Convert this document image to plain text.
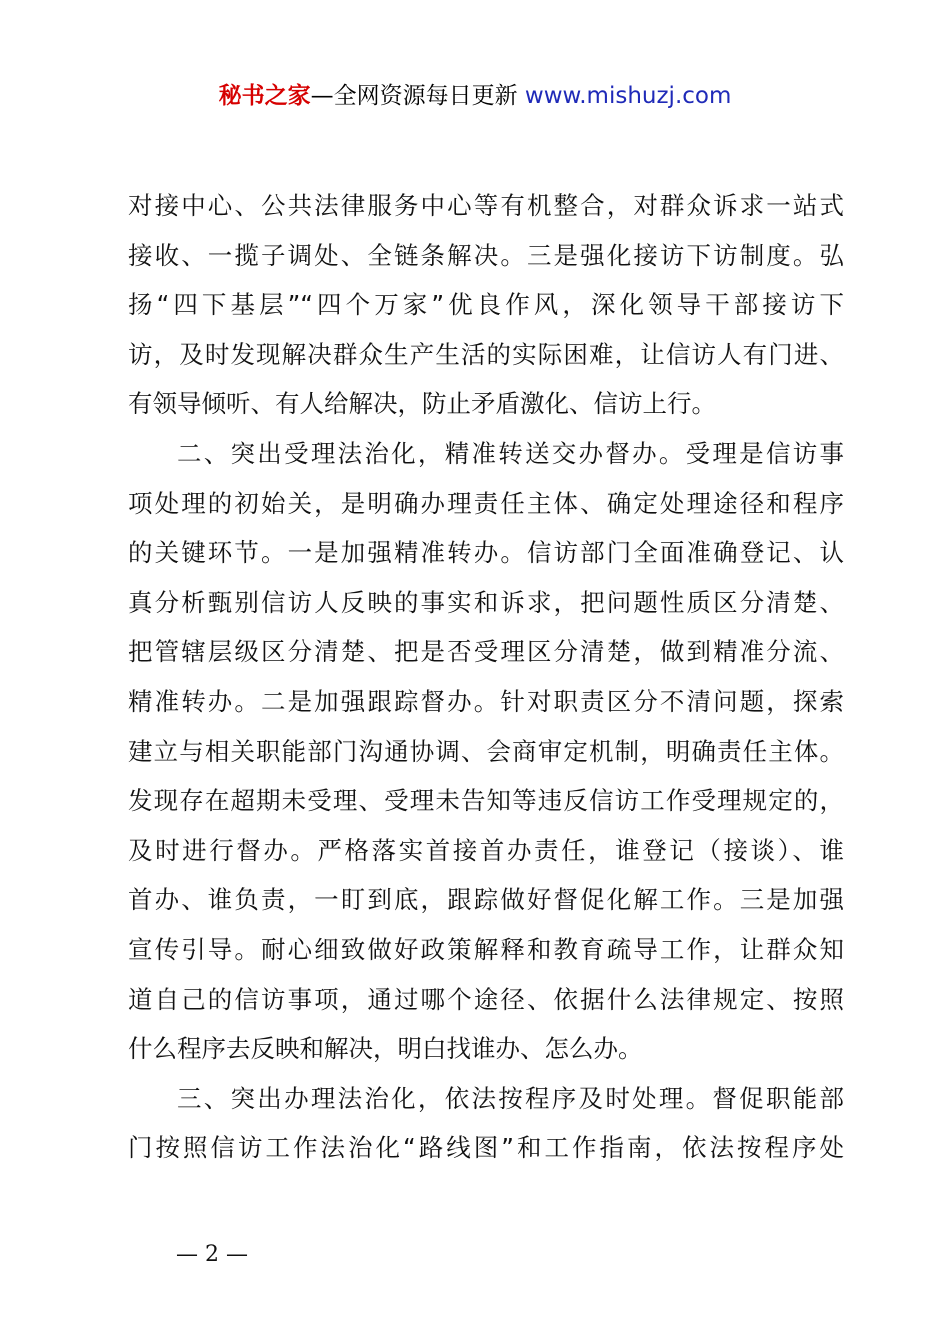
秘书之家—全网资源每日更新 www.mishuzj.com
对接中心、公共法律服务中心等有机整合，对群众诉求一站式
接收、一揽子调处、全链条解决。三是强化接访下访制度。弘
扬“四下基层”“四个万家”优良作风，深化领导干部接访下
访，及时发现解决群众生产生活的实际困难，让信访人有门进、
有领导倾听、有人给解决，防止矛盾激化、信访上行。
二、突出受理法治化，精准转送交办督办。受理是信访事
项处理的初始关，是明确办理责任主体、确定处理途径和程序
的关键环节。一是加强精准转办。信访部门全面准确登记、认
真分析甄别信访人反映的事实和诉求，把问题性质区分清楚、
把管辖层级区分清楚、把是否受理区分清楚，做到精准分流、
精准转办。二是加强跟踪督办。针对职责区分不清问题，探索
建立与相关职能部门沟通协调、会商审定机制，明确责任主体。
发现存在超期未受理、受理未告知等违反信访工作受理规定的，
及时进行督办。严格落实首接首办责任，谁登记（接谈）、谁
首办、谁负责，一盯到底，跟踪做好督促化解工作。三是加强
宣传引导。耐心细致做好政策解释和教育疏导工作，让群众知
道自己的信访事项，通过哪个途径、依据什么法律规定、按照
什么程序去反映和解决，明白找谁办、怎么办。
三、突出办理法治化，依法按程序及时处理。督促职能部
门按照信访工作法治化“路线图”和工作指南，依法按程序处
— 2 —
